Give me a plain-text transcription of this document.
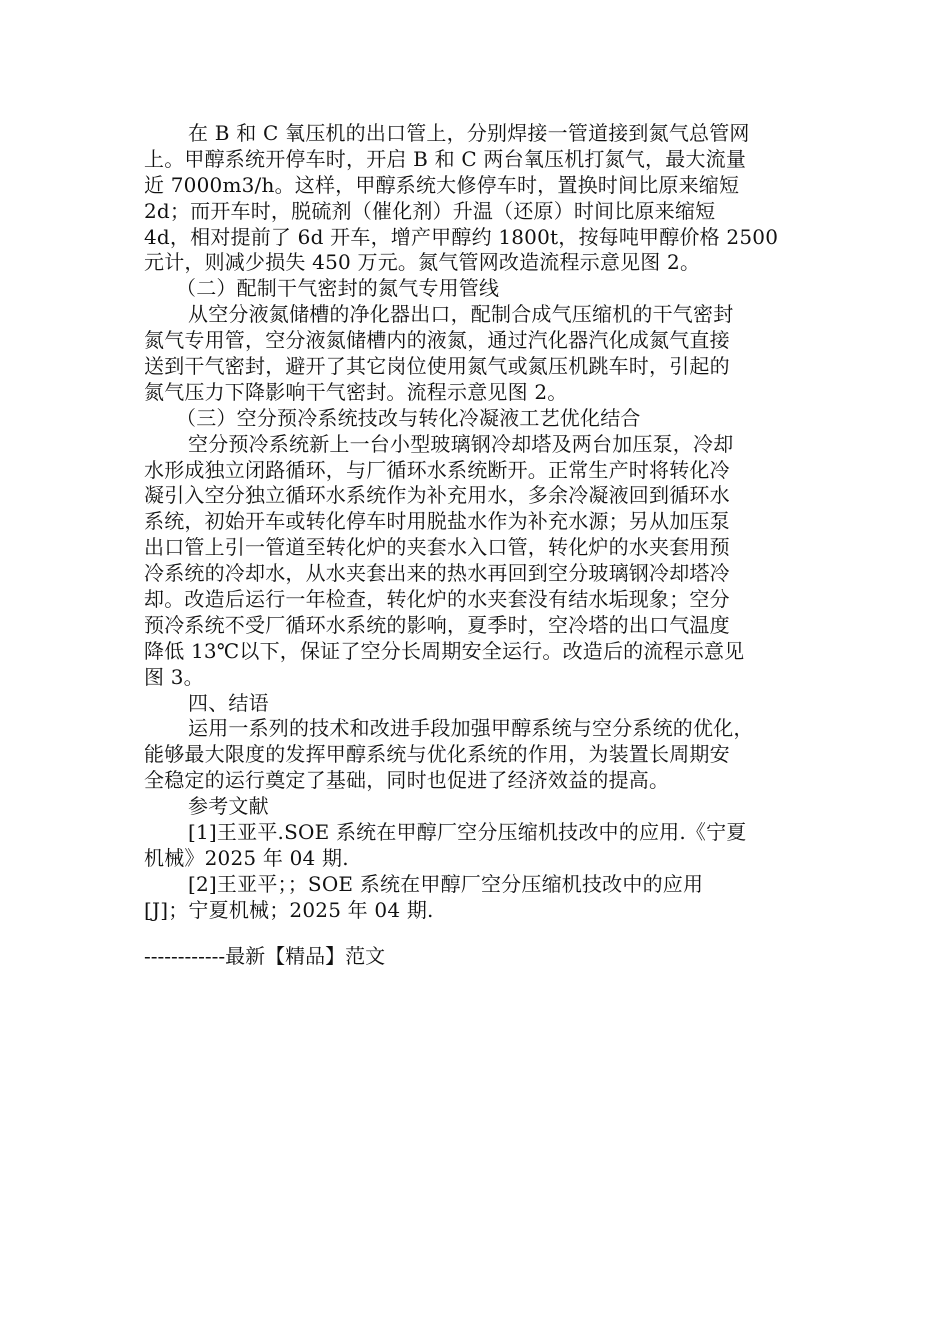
在 B 和 C 氧压机的出口管上，分别焊接一管道接到氮气总管网
上。甲醇系统开停车时，开启 B 和 C 两台氧压机打氮气，最大流量
近 7000m3/h。这样，甲醇系统大修停车时，置换时间比原来缩短
2d；而开车时，脱硫剂（催化剂）升温（还原）时间比原来缩短
4d，相对提前了 6d 开车，增产甲醇约 1800t，按每吨甲醇价格 2500
元计，则减少损失 450 万元。氮气管网改造流程示意见图 2。
（二）配制干气密封的氮气专用管线
从空分液氮储槽的净化器出口，配制合成气压缩机的干气密封
氮气专用管，空分液氮储槽内的液氮，通过汽化器汽化成氮气直接
送到干气密封，避开了其它岗位使用氮气或氮压机跳车时，引起的
氮气压力下降影响干气密封。流程示意见图 2。
（三）空分预冷系统技改与转化冷凝液工艺优化结合
空分预冷系统新上一台小型玻璃钢冷却塔及两台加压泵，冷却
水形成独立闭路循环，与厂循环水系统断开。正常生产时将转化冷
凝引入空分独立循环水系统作为补充用水，多余冷凝液回到循环水
系统，初始开车或转化停车时用脱盐水作为补充水源；另从加压泵
出口管上引一管道至转化炉的夹套水入口管，转化炉的水夹套用预
冷系统的冷却水，从水夹套出来的热水再回到空分玻璃钢冷却塔冷
却。改造后运行一年检查，转化炉的水夹套没有结水垢现象；空分
预冷系统不受厂循环水系统的影响，夏季时，空冷塔的出口气温度
降低 13℃以下，保证了空分长周期安全运行。改造后的流程示意见
图 3。
四、结语
运用一系列的技术和改进手段加强甲醇系统与空分系统的优化，
能够最大限度的发挥甲醇系统与优化系统的作用，为装置长周期安
全稳定的运行奠定了基础，同时也促进了经济效益的提高。
参考文献
[1]王亚平.SOE 系统在甲醇厂空分压缩机技改中的应用.《宁夏
机械》2025 年 04 期.
[2]王亚平；；SOE 系统在甲醇厂空分压缩机技改中的应用
[J]；宁夏机械；2025 年 04 期.
------------最新【精品】范文
